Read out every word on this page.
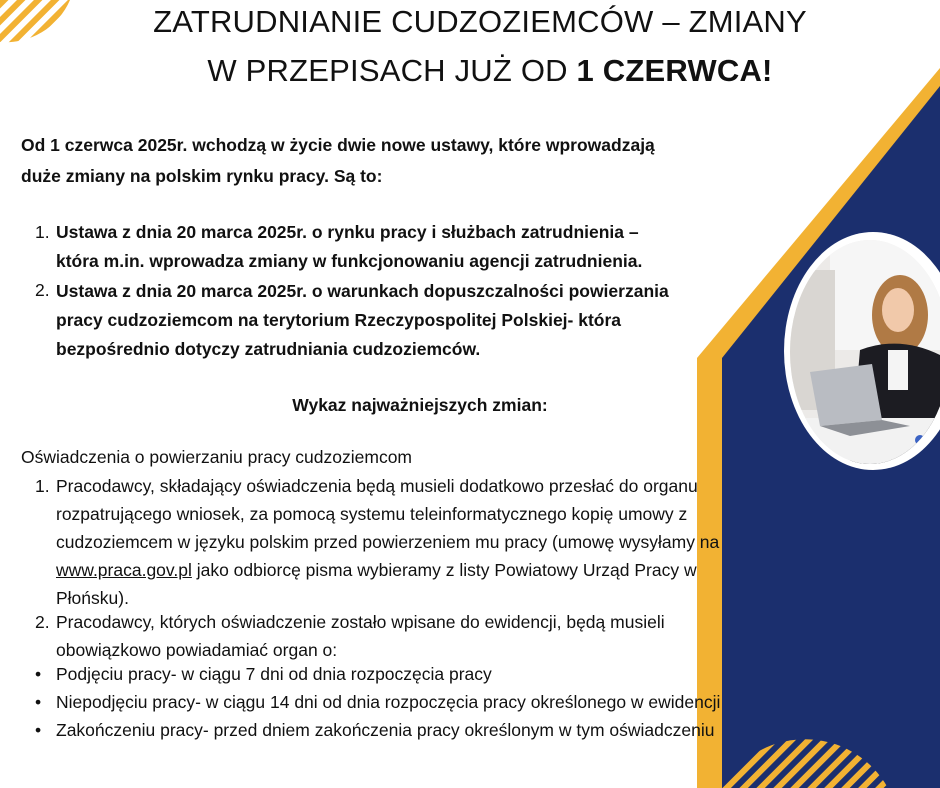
ZATRUDNIANIE CUDZOZIEMCÓW – ZMIANY
W PRZEPISACH JUŻ OD 1 CZERWCA!
Od 1 czerwca 2025r. wchodzą w życie dwie nowe ustawy, które wprowadzają
duże zmiany na polskim rynku pracy. Są to:
1. Ustawa z dnia 20 marca 2025r. o rynku pracy i służbach zatrudnienia –
która m.in. wprowadza zmiany w funkcjonowaniu agencji zatrudnienia.
2. Ustawa z dnia 20 marca 2025r. o warunkach dopuszczalności powierzania
pracy cudzoziemcom na terytorium Rzeczypospolitej Polskiej- która
bezpośrednio dotyczy zatrudniania cudzoziemców.
Wykaz najważniejszych zmian:
Oświadczenia o powierzaniu pracy cudzoziemcom
1. Pracodawcy, składający oświadczenia będą musieli dodatkowo przesłać do organu
rozpatrującego wniosek, za pomocą systemu teleinformatycznego kopię umowy z
cudzoziemcem w języku polskim przed powierzeniem mu pracy (umowę wysyłamy na
www.praca.gov.pl jako odbiorcę pisma wybieramy z listy Powiatowy Urząd Pracy w
Płońsku).
2. Pracodawcy, których oświadczenie zostało wpisane do ewidencji, będą musieli
obowiązkowo powiadamiać organ o:
• Podjęciu pracy- w ciągu 7 dni od dnia rozpoczęcia pracy
• Niepodjęciu pracy- w ciągu 14 dni od dnia rozpoczęcia pracy określonego w ewidencji
• Zakończeniu pracy- przed dniem zakończenia pracy określonym w tym oświadczeniu
